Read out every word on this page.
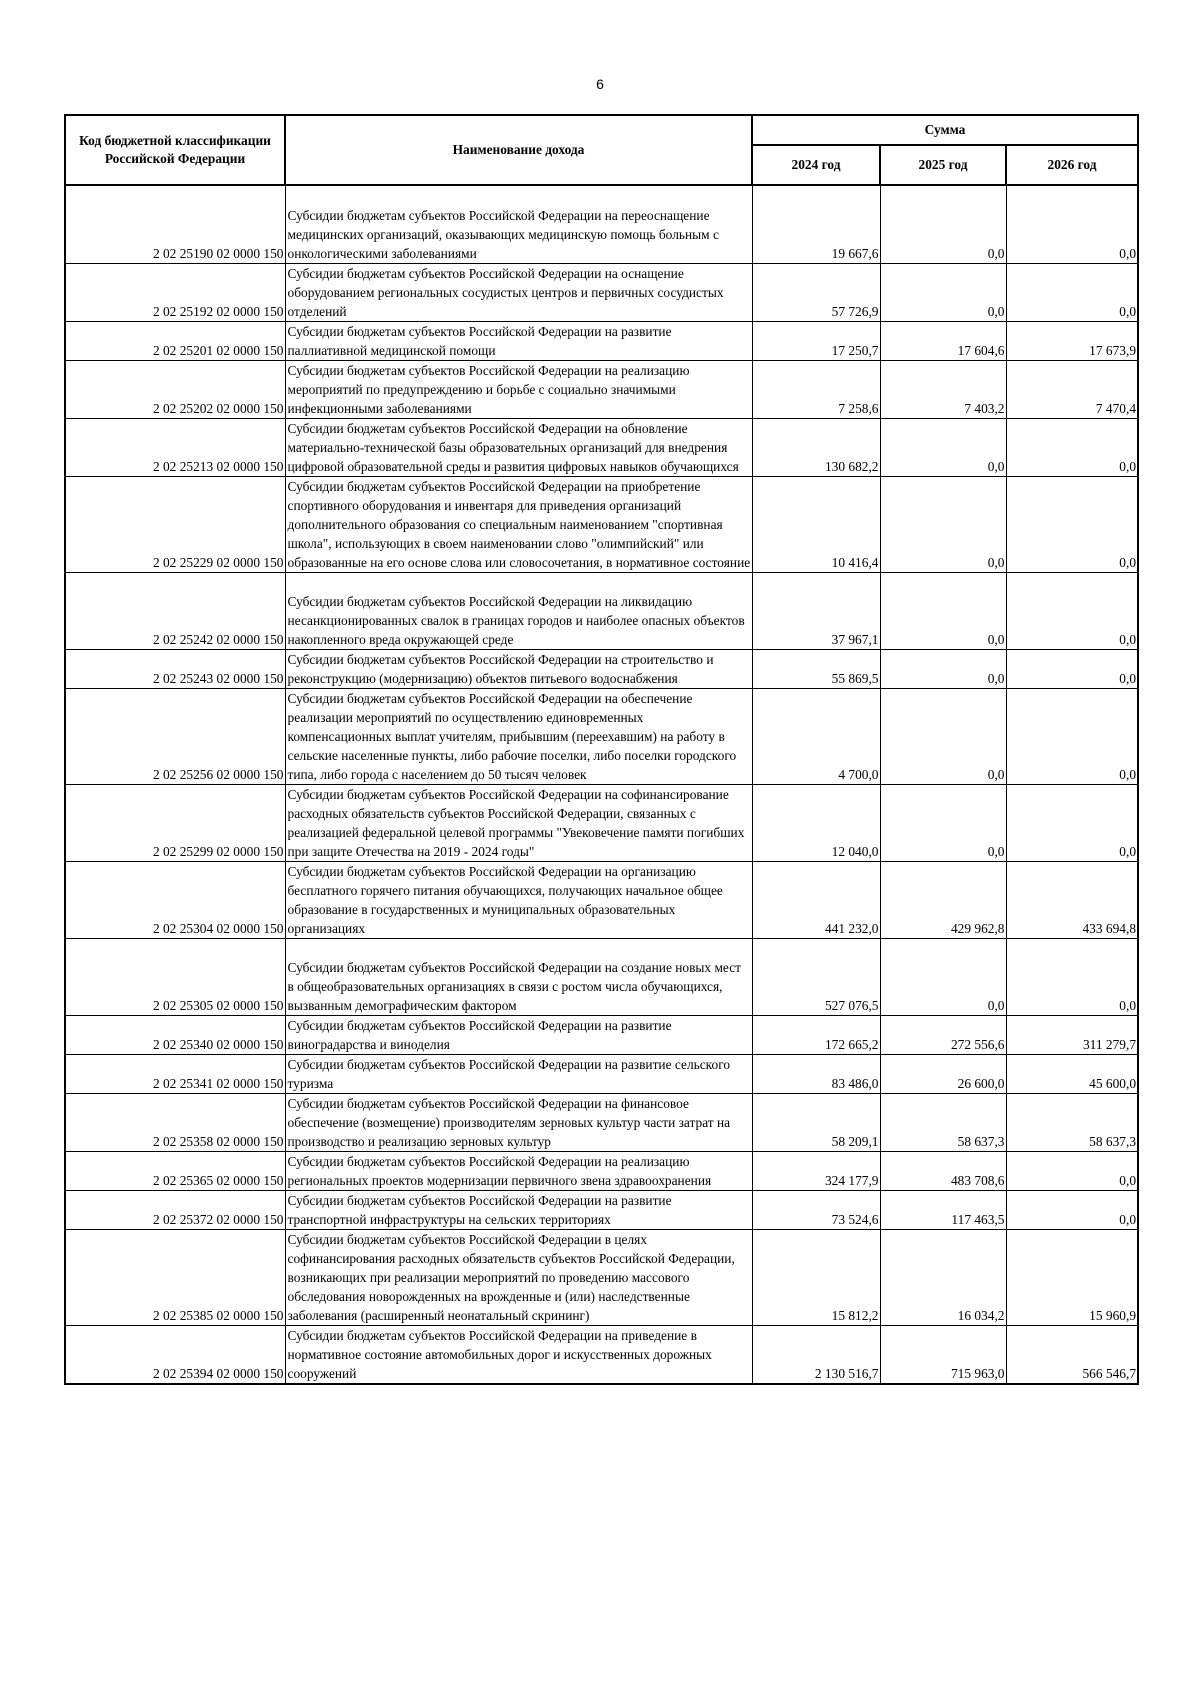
6
Код бюджетной классификации Российской Федерации	Наименование дохода	Сумма		
		2024 год	2025 год	2026 год
2 02 25190 02 0000 150	Субсидии бюджетам субъектов Российской Федерации на переоснащение медицинских организаций, оказывающих медицинскую помощь больным с онкологическими заболеваниями	19 667,6	0,0	0,0
2 02 25192 02 0000 150	Субсидии бюджетам субъектов Российской Федерации на оснащение оборудованием региональных сосудистых центров и первичных сосудистых отделений	57 726,9	0,0	0,0
2 02 25201 02 0000 150	Субсидии бюджетам субъектов Российской Федерации на развитие паллиативной медицинской помощи	17 250,7	17 604,6	17 673,9
2 02 25202 02 0000 150	Субсидии бюджетам субъектов Российской Федерации на реализацию мероприятий по предупреждению и борьбе с социально значимыми инфекционными заболеваниями	7 258,6	7 403,2	7 470,4
2 02 25213 02 0000 150	Субсидии бюджетам субъектов Российской Федерации на обновление материально-технической базы образовательных организаций для внедрения цифровой образовательной среды и развития цифровых навыков обучающихся	130 682,2	0,0	0,0
2 02 25229 02 0000 150	Субсидии бюджетам субъектов Российской Федерации на приобретение спортивного оборудования и инвентаря для приведения организаций дополнительного образования со специальным наименованием "спортивная школа", использующих в своем наименовании слово "олимпийский" или образованные на его основе слова или словосочетания, в нормативное состояние	10 416,4	0,0	0,0
2 02 25242 02 0000 150	Субсидии бюджетам субъектов Российской Федерации на ликвидацию несанкционированных свалок в границах городов и наиболее опасных объектов накопленного вреда окружающей среде	37 967,1	0,0	0,0
2 02 25243 02 0000 150	Субсидии бюджетам субъектов Российской Федерации на строительство и реконструкцию (модернизацию) объектов питьевого водоснабжения	55 869,5	0,0	0,0
2 02 25256 02 0000 150	Субсидии бюджетам субъектов Российской Федерации на обеспечение реализации мероприятий по осуществлению единовременных компенсационных выплат учителям, прибывшим (переехавшим) на работу в сельские населенные пункты, либо рабочие поселки, либо поселки городского типа, либо города с населением до 50 тысяч человек	4 700,0	0,0	0,0
2 02 25299 02 0000 150	Субсидии бюджетам субъектов Российской Федерации на софинансирование расходных обязательств субъектов Российской Федерации, связанных с реализацией федеральной целевой программы "Увековечение памяти погибших при защите Отечества на 2019 - 2024 годы"	12 040,0	0,0	0,0
2 02 25304 02 0000 150	Субсидии бюджетам субъектов Российской Федерации на организацию бесплатного горячего питания обучающихся, получающих начальное общее образование в государственных и муниципальных образовательных организациях	441 232,0	429 962,8	433 694,8
2 02 25305 02 0000 150	Субсидии бюджетам субъектов Российской Федерации на создание новых мест в общеобразовательных организациях в связи с ростом числа обучающихся, вызванным демографическим фактором	527 076,5	0,0	0,0
2 02 25340 02 0000 150	Субсидии бюджетам субъектов Российской Федерации на развитие виноградарства и виноделия	172 665,2	272 556,6	311 279,7
2 02 25341 02 0000 150	Субсидии бюджетам субъектов Российской Федерации на развитие сельского туризма	83 486,0	26 600,0	45 600,0
2 02 25358 02 0000 150	Субсидии бюджетам субъектов Российской Федерации на финансовое обеспечение (возмещение) производителям зерновых культур части затрат на производство и реализацию зерновых культур	58 209,1	58 637,3	58 637,3
2 02 25365 02 0000 150	Субсидии бюджетам субъектов Российской Федерации на реализацию региональных проектов модернизации первичного звена здравоохранения	324 177,9	483 708,6	0,0
2 02 25372 02 0000 150	Субсидии бюджетам субъектов Российской Федерации на развитие транспортной инфраструктуры на сельских территориях	73 524,6	117 463,5	0,0
2 02 25385 02 0000 150	Субсидии бюджетам субъектов Российской Федерации в целях софинансирования расходных обязательств субъектов Российской Федерации, возникающих при реализации мероприятий по проведению массового обследования новорожденных на врожденные и (или) наследственные заболевания (расширенный неонатальный скрининг)	15 812,2	16 034,2	15 960,9
2 02 25394 02 0000 150	Субсидии бюджетам субъектов Российской Федерации на приведение в нормативное состояние автомобильных дорог и искусственных дорожных сооружений	2 130 516,7	715 963,0	566 546,7
